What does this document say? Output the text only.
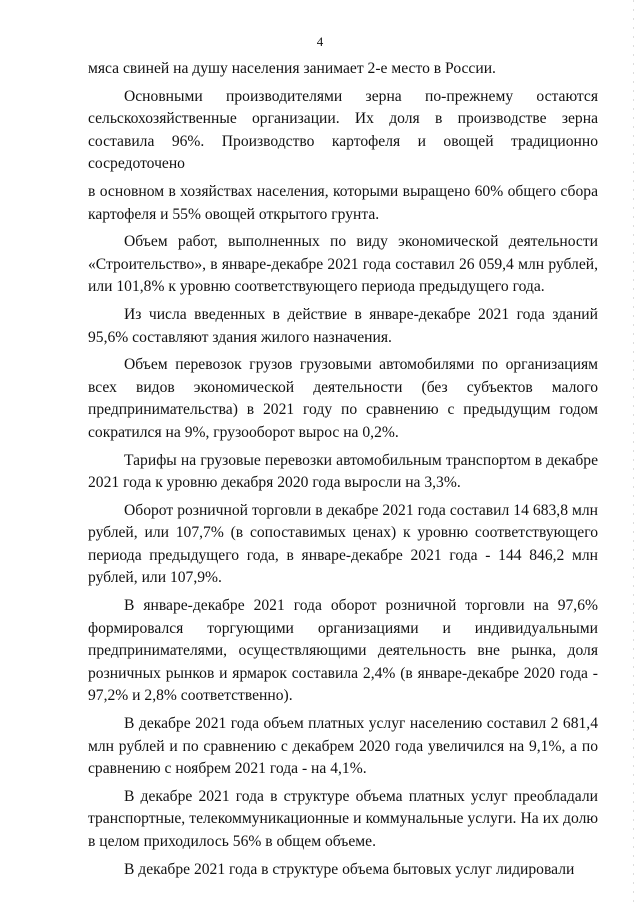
4

мяса свиней на душу населения занимает 2-е место в России.

Основными производителями зерна по-прежнему остаются сельскохозяйственные организации. Их доля в производстве зерна составила 96%. Производство картофеля и овощей традиционно сосредоточено

в основном в хозяйствах населения, которыми выращено 60% общего сбора картофеля и 55% овощей открытого грунта.

Объем работ, выполненных по виду экономической деятельности «Строительство», в январе-декабре 2021 года составил 26 059,4 млн рублей, или 101,8% к уровню соответствующего периода предыдущего года.

Из числа введенных в действие в январе-декабре 2021 года зданий 95,6% составляют здания жилого назначения.

Объем перевозок грузов грузовыми автомобилями по организациям всех видов экономической деятельности (без субъектов малого предпринимательства) в 2021 году по сравнению с предыдущим годом сократился на 9%, грузооборот вырос на 0,2%.

Тарифы на грузовые перевозки автомобильным транспортом в декабре 2021 года к уровню декабря 2020 года выросли на 3,3%.

Оборот розничной торговли в декабре 2021 года составил 14 683,8 млн рублей, или 107,7% (в сопоставимых ценах) к уровню соответствующего периода предыдущего года, в январе-декабре 2021 года - 144 846,2 млн рублей, или 107,9%.

В январе-декабре 2021 года оборот розничной торговли на 97,6% формировался торгующими организациями и индивидуальными предпринимателями, осуществляющими деятельность вне рынка, доля розничных рынков и ярмарок составила 2,4% (в январе-декабре 2020 года - 97,2% и 2,8% соответственно).

В декабре 2021 года объем платных услуг населению составил 2 681,4 млн рублей и по сравнению с декабрем 2020 года увеличился на 9,1%, а по сравнению с ноябрем 2021 года - на 4,1%.

В декабре 2021 года в структуре объема платных услуг преобладали транспортные, телекоммуникационные и коммунальные услуги. На их долю в целом приходилось 56% в общем объеме.

В декабре 2021 года в структуре объема бытовых услуг лидировали
